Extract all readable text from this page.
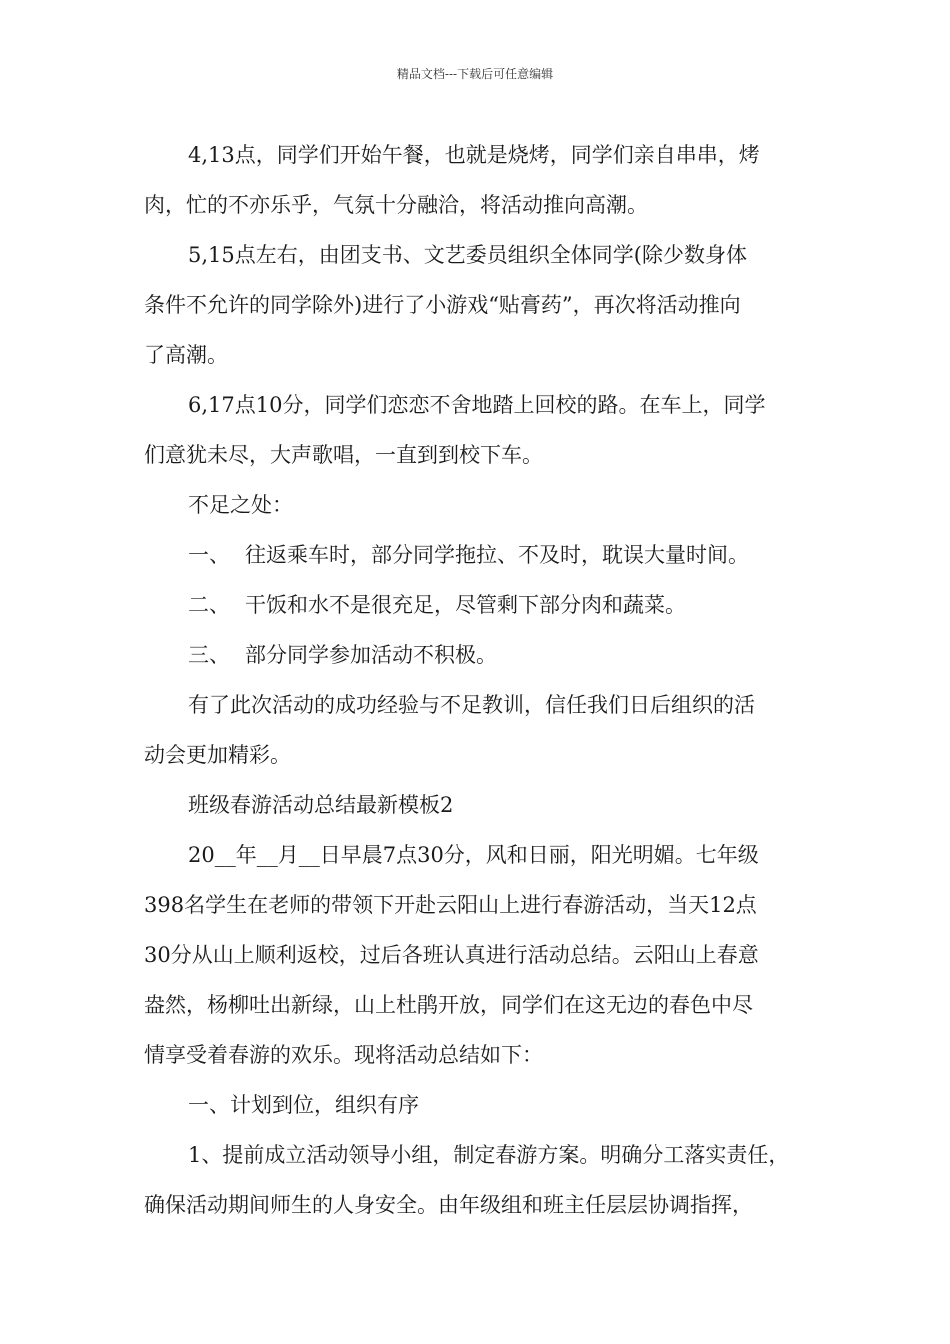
精品文档---下载后可任意编辑
4,13点，同学们开始午餐，也就是烧烤，同学们亲自串串，烤
肉，忙的不亦乐乎，气氛十分融洽，将活动推向高潮。
5,15点左右，由团支书、文艺委员组织全体同学(除少数身体
条件不允许的同学除外)进行了小游戏“贴膏药”，再次将活动推向
了高潮。
6,17点10分，同学们恋恋不舍地踏上回校的路。在车上，同学
们意犹未尽，大声歌唱，一直到到校下车。
不足之处：
一、 往返乘车时，部分同学拖拉、不及时，耽误大量时间。
二、 干饭和水不是很充足，尽管剩下部分肉和蔬菜。
三、 部分同学参加活动不积极。
有了此次活动的成功经验与不足教训，信任我们日后组织的活
动会更加精彩。
班级春游活动总结最新模板2
20__年__月__日早晨7点30分，风和日丽，阳光明媚。七年级
398名学生在老师的带领下开赴云阳山上进行春游活动，当天12点
30分从山上顺利返校，过后各班认真进行活动总结。云阳山上春意
盎然，杨柳吐出新绿，山上杜鹃开放，同学们在这无边的春色中尽
情享受着春游的欢乐。现将活动总结如下：
一、计划到位，组织有序
1、提前成立活动领导小组，制定春游方案。明确分工落实责任，
确保活动期间师生的人身安全。由年级组和班主任层层协调指挥，
